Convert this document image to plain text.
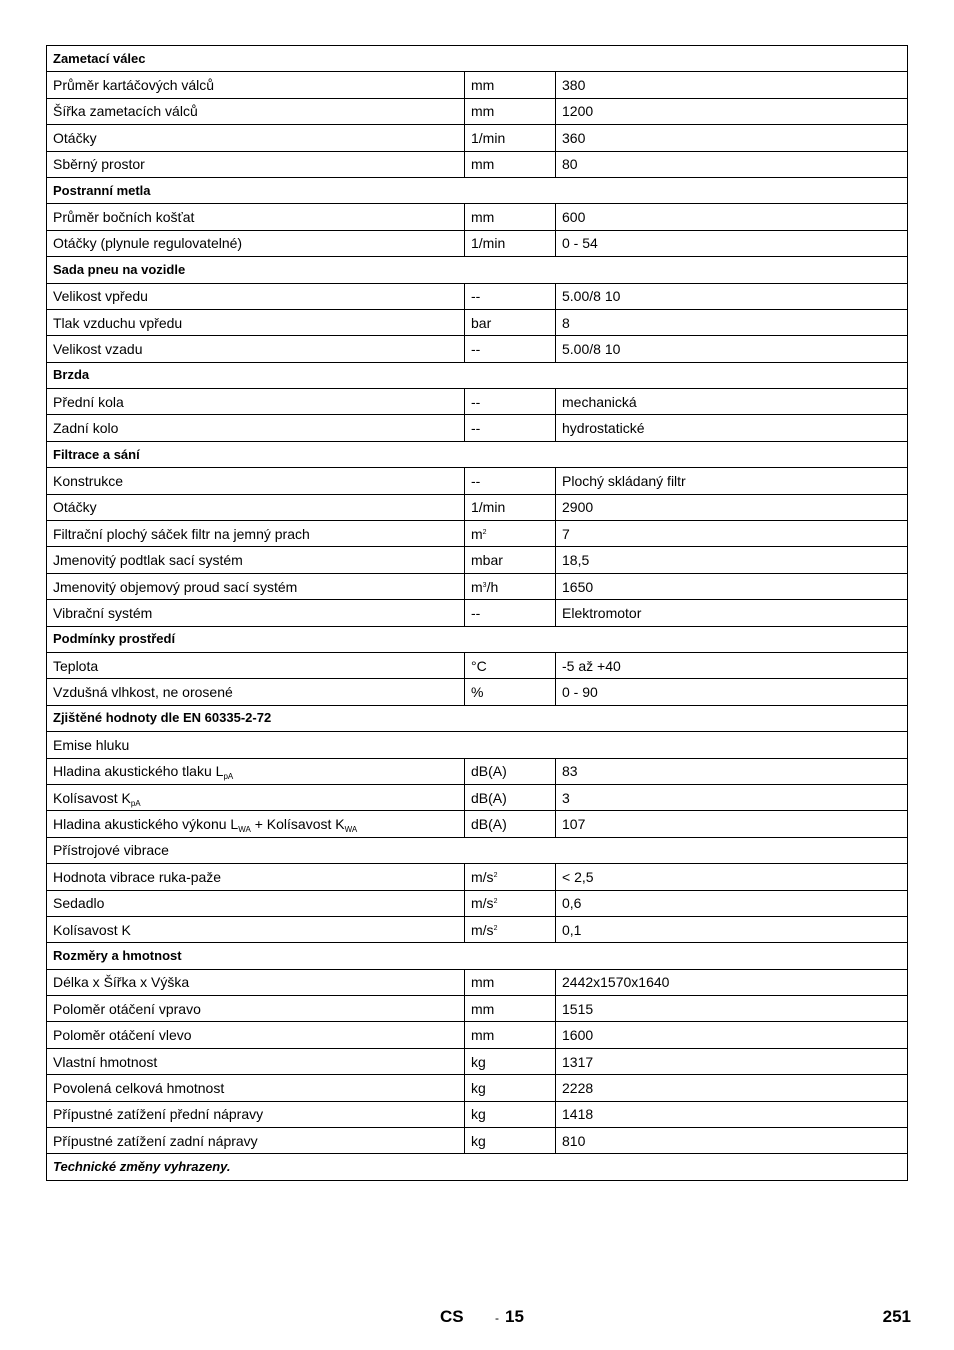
Zametací válec		
Průměr kartáčových válců	mm	380
Šířka zametacích válců	mm	1200
Otáčky	1/min	360
Sběrný prostor	mm	80
Postranní metla		
Průměr bočních košťat	mm	600
Otáčky (plynule regulovatelné)	1/min	0 - 54
Sada pneu na vozidle		
Velikost vpředu	--	5.00/8 10
Tlak vzduchu vpředu	bar	8
Velikost vzadu	--	5.00/8 10
Brzda		
Přední kola	--	mechanická
Zadní kolo	--	hydrostatické
Filtrace a sání		
Konstrukce	--	Plochý skládaný filtr
Otáčky	1/min	2900
Filtrační plochý sáček filtr na jemný prach	$m^2$	7
Jmenovitý podtlak sací systém	mbar	18,5
Jmenovitý objemový proud sací systém	$m^3/h$	1650
Vibrační systém	--	Elektromotor
Podmínky prostředí		
Teplota	°C	-5 až +40
Vzdušná vlhkost, ne orosené	%	0 - 90
Zjištěné hodnoty dle EN 60335-2-72		
Emise hluku		
Hladina akustického tlaku $L_{pA}$	dB(A)	83
Kolísavost $K_{pA}$	dB(A)	3
Hladina akustického výkonu $L_{WA}$ + Kolísavost $K_{WA}$	dB(A)	107
Přístrojové vibrace		
Hodnota vibrace ruka-paže	$m/s^2$	< 2,5
Sedadlo	$m/s^2$	0,6
Kolísavost K	$m/s^2$	0,1
Rozměry a hmotnost		
Délka x Šířka x Výška	mm	2442x1570x1640
Poloměr otáčení vpravo	mm	1515
Poloměr otáčení vlevo	mm	1600
Vlastní hmotnost	kg	1317
Povolená celková hmotnost	kg	2228
Přípustné zatížení přední nápravy	kg	1418
Přípustné zatížení zadní nápravy	kg	810
Technické změny vyhrazeny.		
CS	- 15	251
